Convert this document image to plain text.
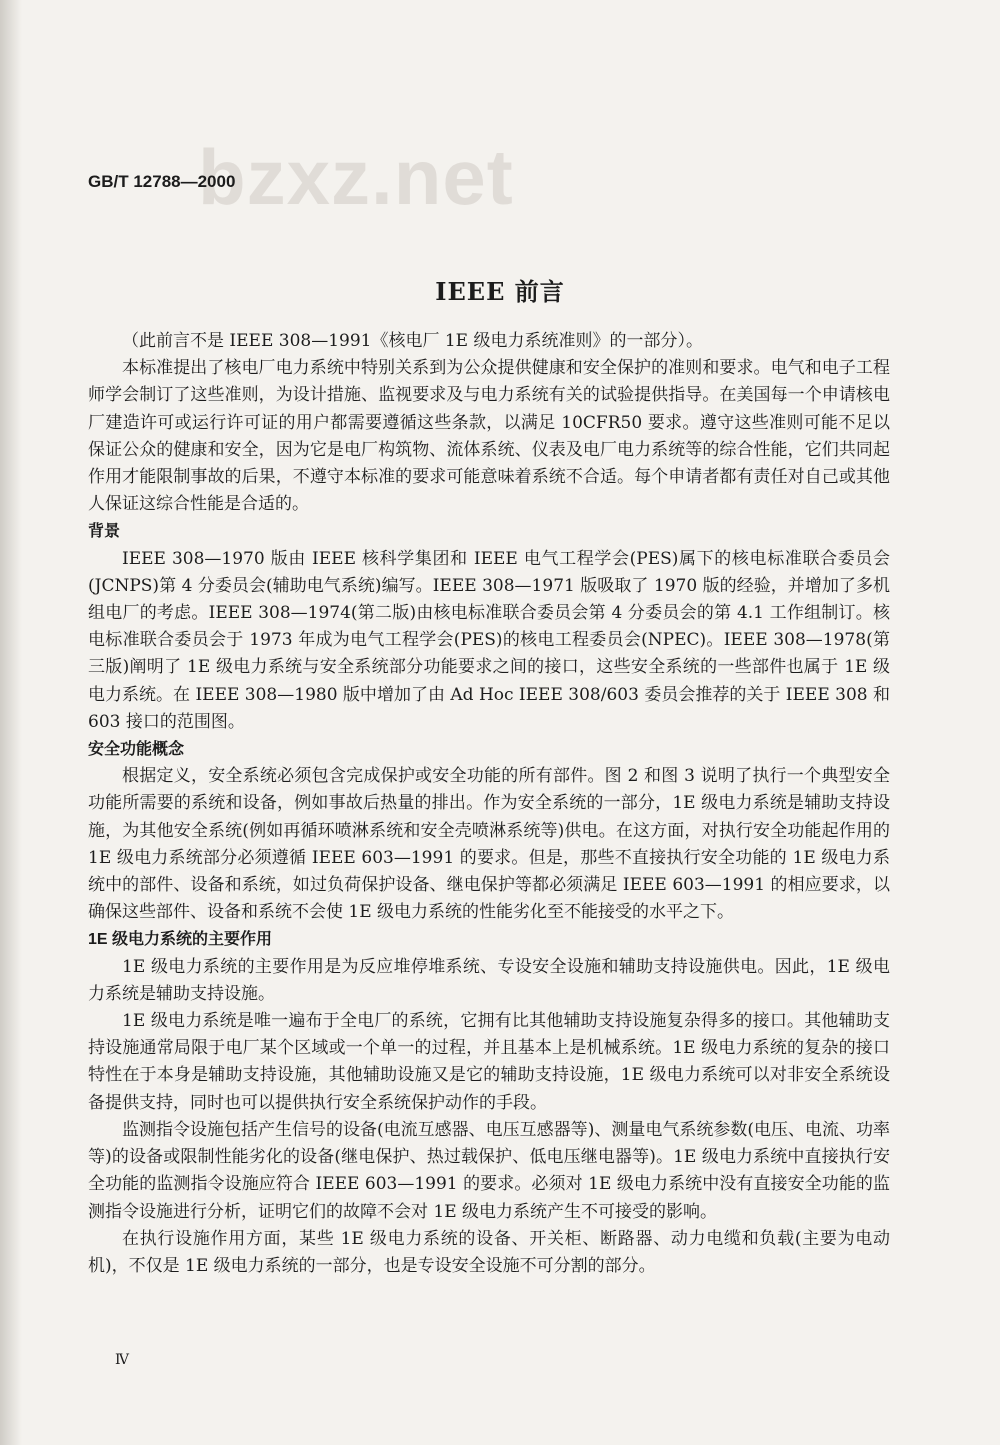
bzxz.net
GB/T 12788—2000
IEEE 前言

（此前言不是 IEEE 308—1991《核电厂 1E 级电力系统准则》的一部分）。

本标准提出了核电厂电力系统中特别关系到为公众提供健康和安全保护的准则和要求。电气和电子工程师学会制订了这些准则，为设计措施、监视要求及与电力系统有关的试验提供指导。在美国每一个申请核电厂建造许可或运行许可证的用户都需要遵循这些条款，以满足 10CFR50 要求。遵守这些准则可能不足以保证公众的健康和安全，因为它是电厂构筑物、流体系统、仪表及电厂电力系统等的综合性能，它们共同起作用才能限制事故的后果，不遵守本标准的要求可能意味着系统不合适。每个申请者都有责任对自己或其他人保证这综合性能是合适的。

背景

IEEE 308—1970 版由 IEEE 核科学集团和 IEEE 电气工程学会(PES)属下的核电标准联合委员会(JCNPS)第 4 分委员会(辅助电气系统)编写。IEEE 308—1971 版吸取了 1970 版的经验，并增加了多机组电厂的考虑。IEEE 308—1974(第二版)由核电标准联合委员会第 4 分委员会的第 4.1 工作组制订。核电标准联合委员会于 1973 年成为电气工程学会(PES)的核电工程委员会(NPEC)。IEEE 308—1978(第三版)阐明了 1E 级电力系统与安全系统部分功能要求之间的接口，这些安全系统的一些部件也属于 1E 级电力系统。在 IEEE 308—1980 版中增加了由 Ad Hoc IEEE 308/603 委员会推荐的关于 IEEE 308 和 603 接口的范围图。

安全功能概念

根据定义，安全系统必须包含完成保护或安全功能的所有部件。图 2 和图 3 说明了执行一个典型安全功能所需要的系统和设备，例如事故后热量的排出。作为安全系统的一部分，1E 级电力系统是辅助支持设施，为其他安全系统(例如再循环喷淋系统和安全壳喷淋系统等)供电。在这方面，对执行安全功能起作用的 1E 级电力系统部分必须遵循 IEEE 603—1991 的要求。但是，那些不直接执行安全功能的 1E 级电力系统中的部件、设备和系统，如过负荷保护设备、继电保护等都必须满足 IEEE 603—1991 的相应要求，以确保这些部件、设备和系统不会使 1E 级电力系统的性能劣化至不能接受的水平之下。

1E 级电力系统的主要作用

1E 级电力系统的主要作用是为反应堆停堆系统、专设安全设施和辅助支持设施供电。因此，1E 级电力系统是辅助支持设施。

1E 级电力系统是唯一遍布于全电厂的系统，它拥有比其他辅助支持设施复杂得多的接口。其他辅助支持设施通常局限于电厂某个区域或一个单一的过程，并且基本上是机械系统。1E 级电力系统的复杂的接口特性在于本身是辅助支持设施，其他辅助设施又是它的辅助支持设施，1E 级电力系统可以对非安全系统设备提供支持，同时也可以提供执行安全系统保护动作的手段。

监测指令设施包括产生信号的设备(电流互感器、电压互感器等)、测量电气系统参数(电压、电流、功率等)的设备或限制性能劣化的设备(继电保护、热过载保护、低电压继电器等)。1E 级电力系统中直接执行安全功能的监测指令设施应符合 IEEE 603—1991 的要求。必须对 1E 级电力系统中没有直接安全功能的监测指令设施进行分析，证明它们的故障不会对 1E 级电力系统产生不可接受的影响。

在执行设施作用方面，某些 1E 级电力系统的设备、开关柜、断路器、动力电缆和负载(主要为电动机)，不仅是 1E 级电力系统的一部分，也是专设安全设施不可分割的部分。

Ⅳ
